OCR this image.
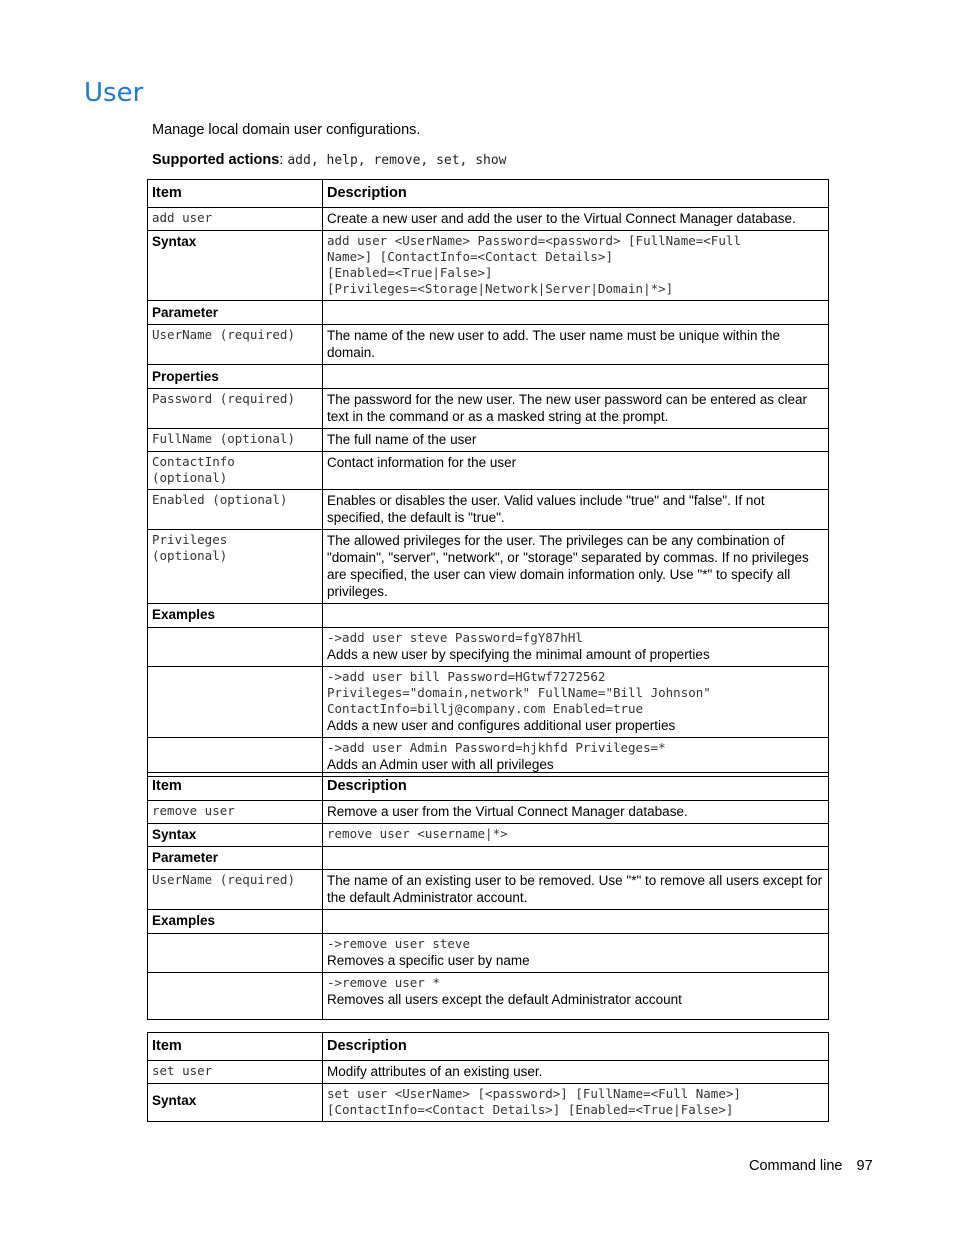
User
Manage local domain user configurations.
Supported actions: add, help, remove, set, show
Item	Description

add user	Create a new user and add the user to the Virtual Connect Manager database.
Syntax	add user <UserName> Password=<password> [FullName=<Full
Name>] [ContactInfo=<Contact Details>]
[Enabled=<True|False>]
[Privileges=<Storage|Network|Server|Domain|*>]

Parameter	

UserName (required)	The name of the new user to add. The user name must be unique within the domain.
Properties	

Password (required)	The password for the new user. The new user password can be entered as clear text in the command or as a masked string at the prompt.

FullName (optional)	The full name of the user

ContactInfo
(optional)	Contact information for the user

Enabled (optional)	Enables or disables the user. Valid values include "true" and "false". If not specified, the default is "true".

Privileges
(optional)	The allowed privileges for the user. The privileges can be any combination of "domain", "server", "network", or "storage" separated by commas. If no privileges are specified, the user can view domain information only. Use "*" to specify all privileges.
Examples	

	->add user steve Password=fgY87hHl
Adds a new user by specifying the minimal amount of properties

	->add user bill Password=HGtwf7272562
Privileges="domain,network" FullName="Bill Johnson"
ContactInfo=billj@company.com Enabled=true
Adds a new user and configures additional user properties

	->add user Admin Password=hjkhfd Privileges=*
Adds an Admin user with all privileges
Item	Description

remove user	Remove a user from the Virtual Connect Manager database.
Syntax	remove user <username|*>

Parameter	

UserName (required)	The name of an existing user to be removed. Use "*" to remove all users except for the default Administrator account.
Examples	

	->remove user steve
Removes a specific user by name

	->remove user *
Removes all users except the default Administrator account
Item	Description

set user	Modify attributes of an existing user.
Syntax	set user <UserName> [<password>] [FullName=<Full Name>]
[ContactInfo=<Contact Details>] [Enabled=<True|False>]
Command line 97
